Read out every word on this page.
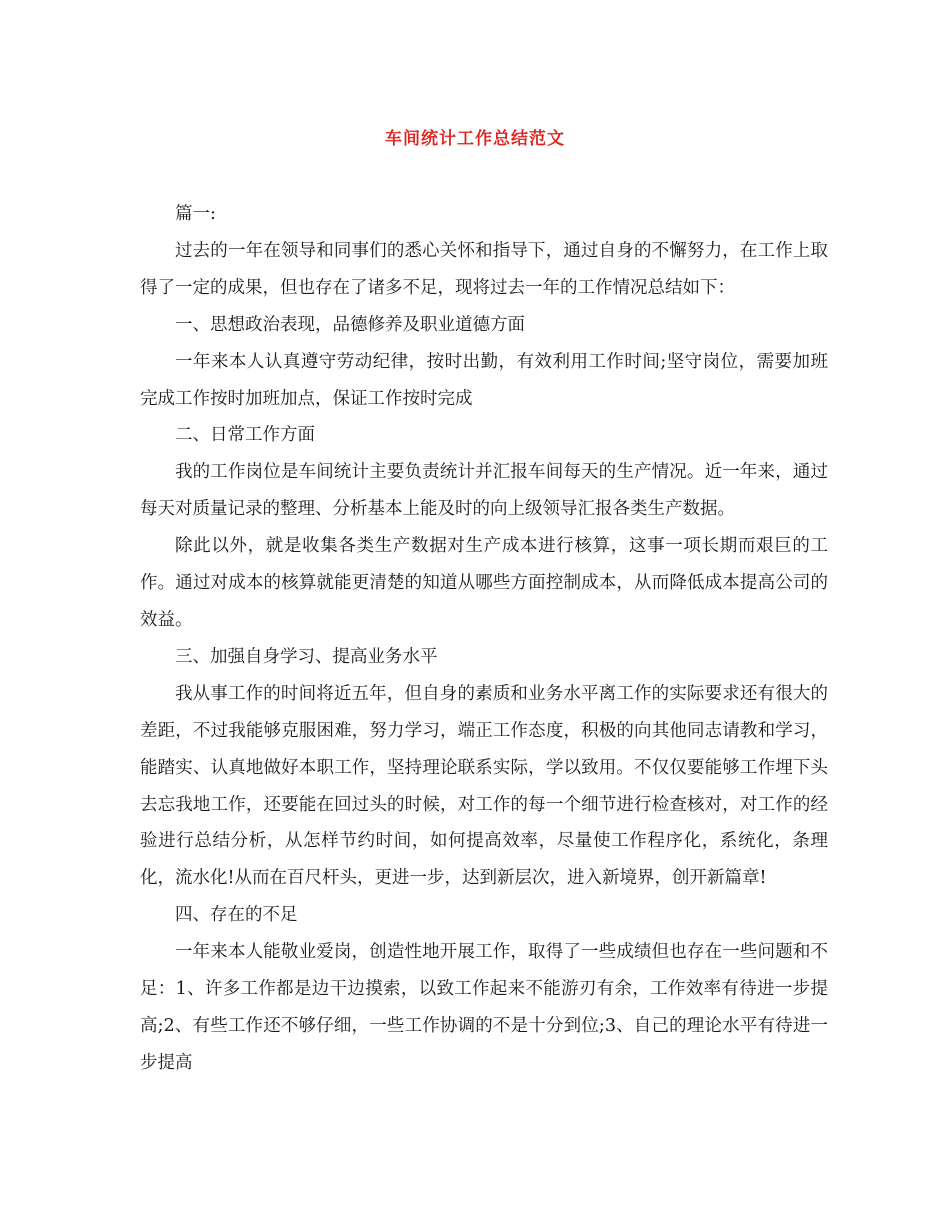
车间统计工作总结范文

篇一:

过去的一年在领导和同事们的悉心关怀和指导下，通过自身的不懈努力，在工作上取得了一定的成果，但也存在了诸多不足，现将过去一年的工作情况总结如下：

一、思想政治表现，品德修养及职业道德方面

一年来本人认真遵守劳动纪律，按时出勤，有效利用工作时间;坚守岗位，需要加班完成工作按时加班加点，保证工作按时完成

二、日常工作方面

我的工作岗位是车间统计主要负责统计并汇报车间每天的生产情况。近一年来，通过每天对质量记录的整理、分析基本上能及时的向上级领导汇报各类生产数据。

除此以外，就是收集各类生产数据对生产成本进行核算，这事一项长期而艰巨的工作。通过对成本的核算就能更清楚的知道从哪些方面控制成本，从而降低成本提高公司的效益。

三、加强自身学习、提高业务水平

我从事工作的时间将近五年，但自身的素质和业务水平离工作的实际要求还有很大的差距，不过我能够克服困难，努力学习，端正工作态度，积极的向其他同志请教和学习，能踏实、认真地做好本职工作，坚持理论联系实际，学以致用。不仅仅要能够工作埋下头去忘我地工作，还要能在回过头的时候，对工作的每一个细节进行检查核对，对工作的经验进行总结分析，从怎样节约时间，如何提高效率，尽量使工作程序化，系统化，条理化，流水化!从而在百尺杆头，更进一步，达到新层次，进入新境界，创开新篇章!

四、存在的不足

一年来本人能敬业爱岗，创造性地开展工作，取得了一些成绩但也存在一些问题和不足：1、许多工作都是边干边摸索，以致工作起来不能游刃有余，工作效率有待进一步提高;2、有些工作还不够仔细，一些工作协调的不是十分到位;3、自己的理论水平有待进一步提高
